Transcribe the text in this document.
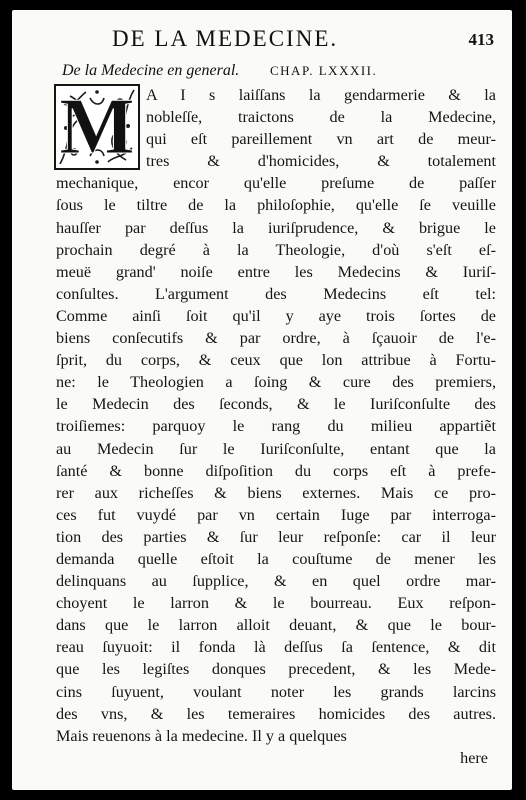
DE LA MEDECINE.	413
De la Medecine en general. CHAP. LXXXII.
M A I s laiſſans la gendarmerie & la
nobleſſe, traictons de la Medecine,
qui eſt pareillement vn art de meur-
tres & d'homicides, & totalement
mechanique, encor qu'elle preſume de paſſer
ſous le tiltre de la philoſophie, qu'elle ſe veuille
hauſſer par deſſus la iuriſprudence, & brigue le
prochain degré à la Theologie, d'où s'eſt eſ-
meuë grand' noiſe entre les Medecins & Iuriſ-
conſultes. L'argument des Medecins eſt tel:
Comme ainſi ſoit qu'il y aye trois ſortes de
biens conſecutifs & par ordre, à ſçauoir de l'e-
ſprit, du corps, & ceux que lon attribue à Fortu-
ne: le Theologien a ſoing & cure des premiers,
le Medecin des ſeconds, & le Iuriſconſulte des
troiſiemes: parquoy le rang du milieu appartiẽt
au Medecin ſur le Iuriſconſulte, entant que la
ſanté & bonne diſpoſition du corps eſt à prefe-
rer aux richeſſes & biens externes. Mais ce pro-
ces fut vuydé par vn certain Iuge par interroga-
tion des parties & ſur leur reſponſe: car il leur
demanda quelle eſtoit la couſtume de mener les
delinquans au ſupplice, & en quel ordre mar-
choyent le larron & le bourreau. Eux reſpon-
dans que le larron alloit deuant, & que le bour-
reau ſuyuoit: il fonda là deſſus ſa ſentence, & dit
que les legiſtes donques precedent, & les Mede-
cins ſuyuent, voulant noter les grands larcins
des vns, & les temeraires homicides des autres.
Mais reuenons à la medecine. Il y a quelques
here
